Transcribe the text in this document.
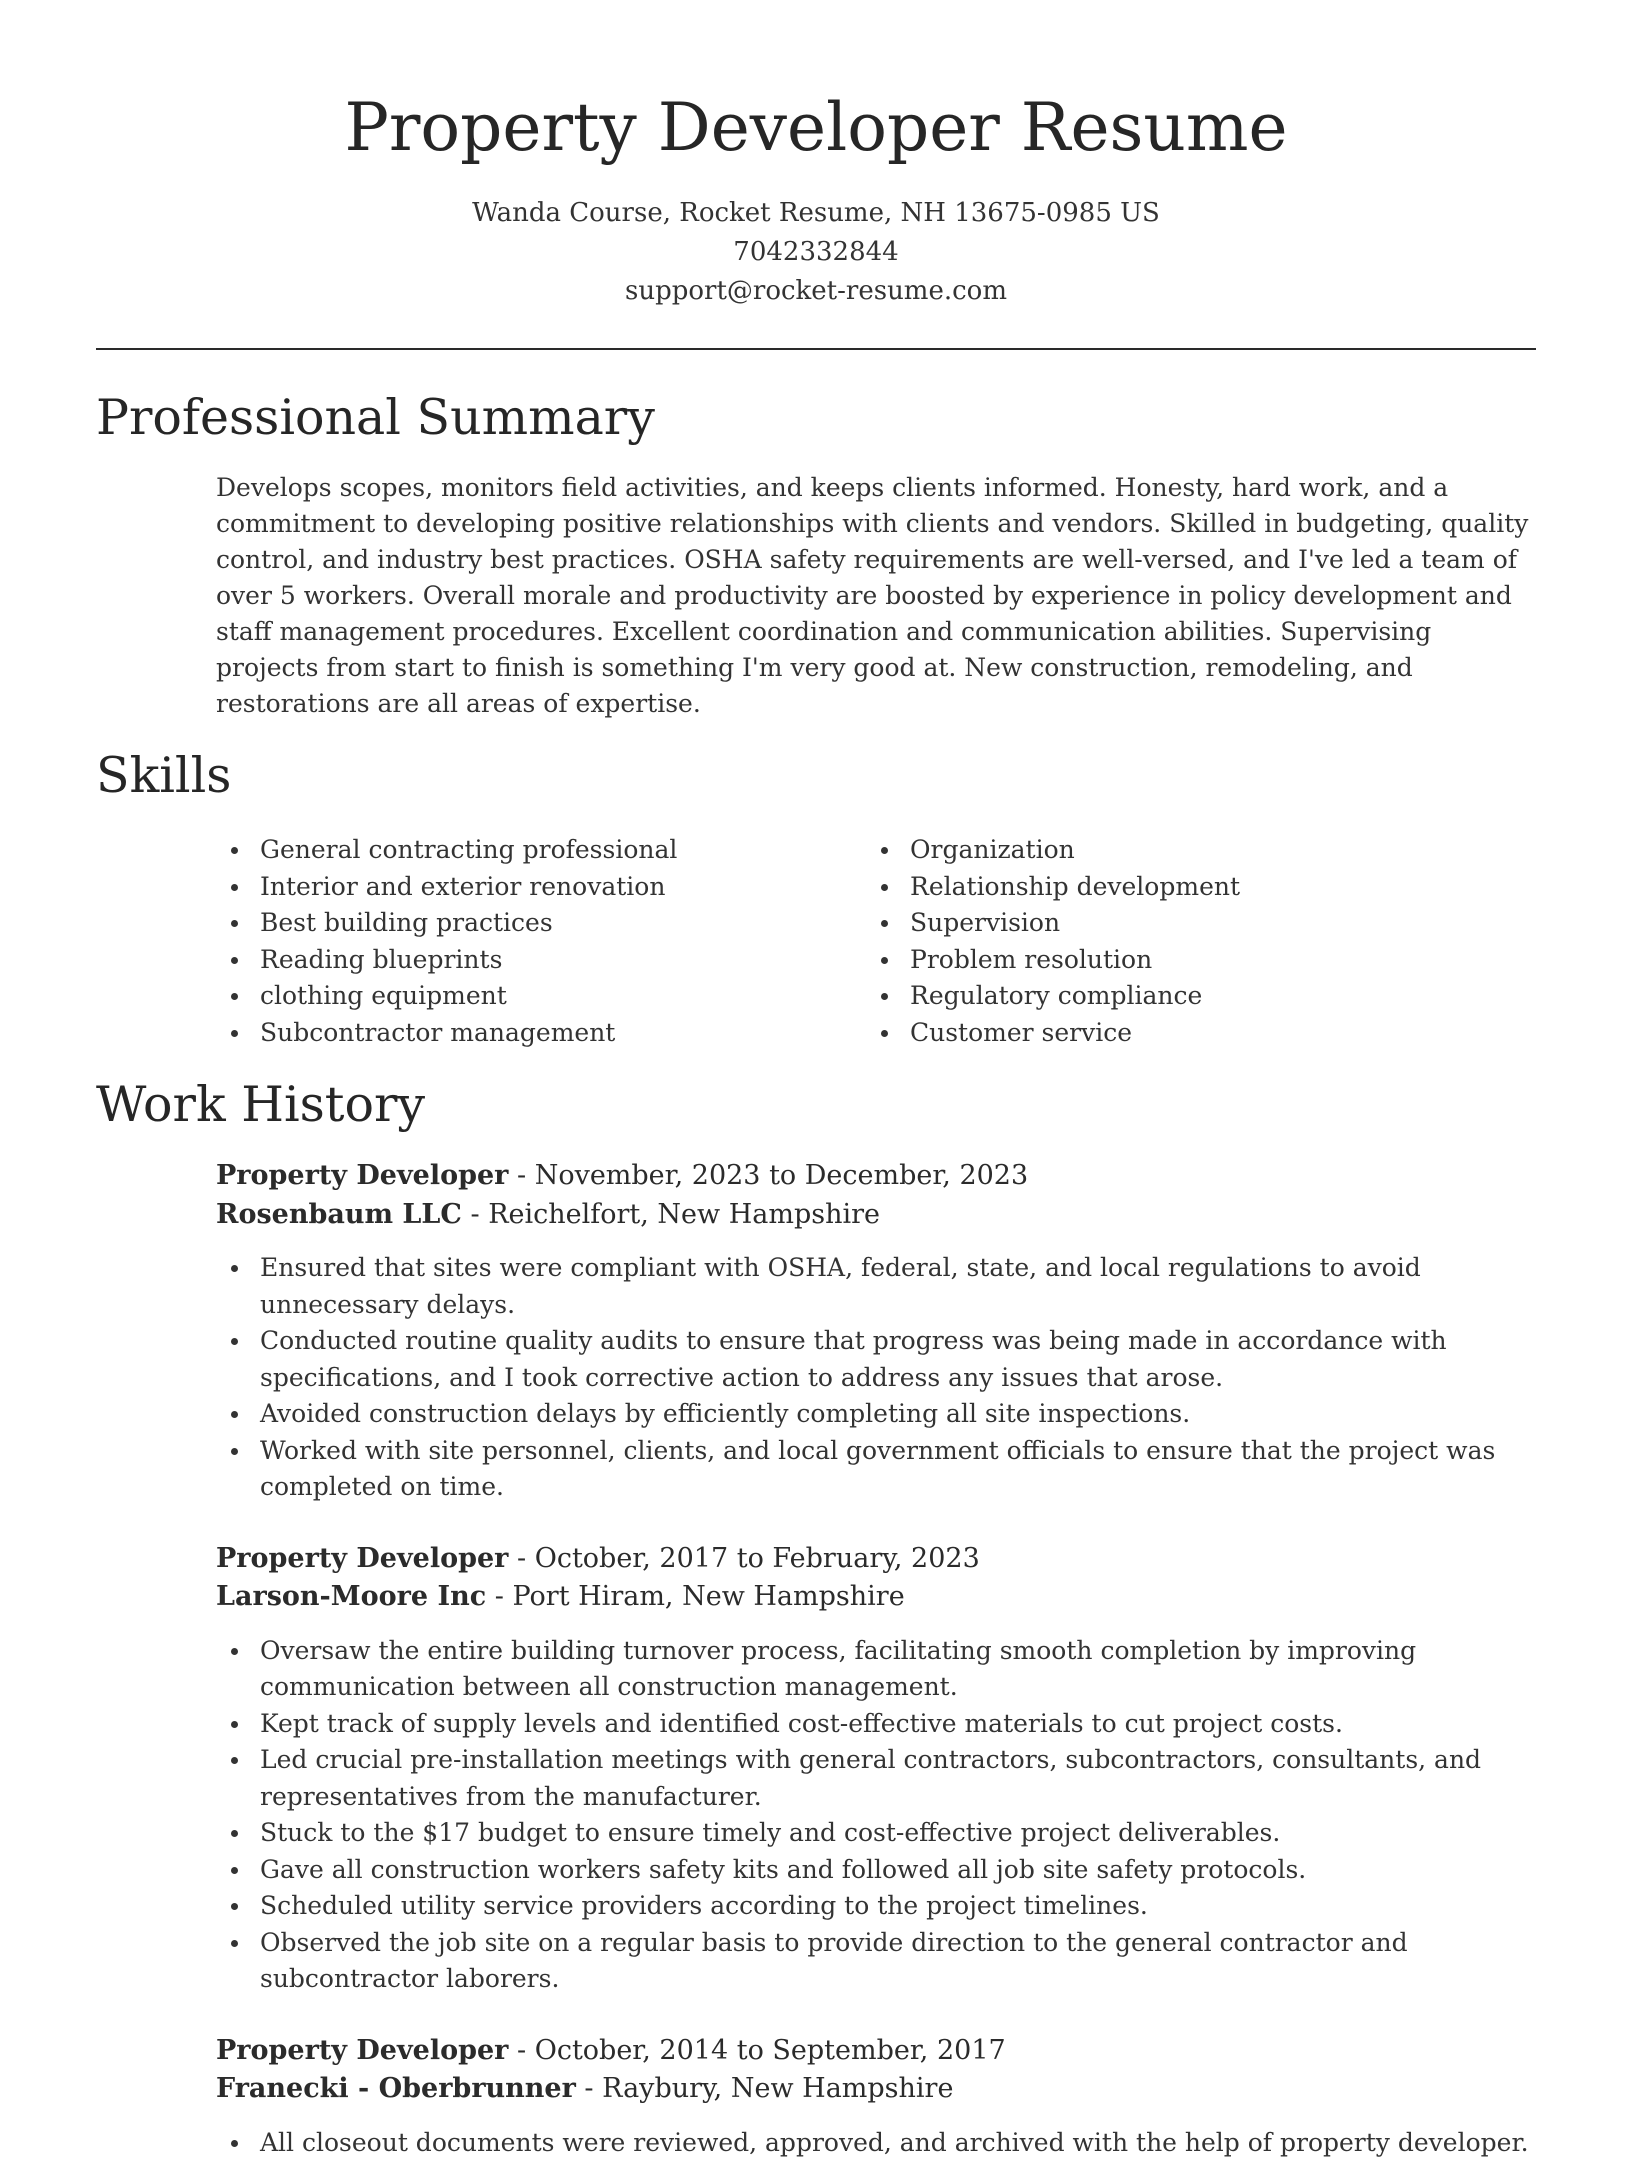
Property Developer Resume
Wanda Course, Rocket Resume, NH 13675-0985 US
7042332844
support@rocket-resume.com
Professional Summary

Develops scopes, monitors field activities, and keeps clients informed. Honesty, hard work, and a commitment to developing positive relationships with clients and vendors. Skilled in budgeting, quality control, and industry best practices. OSHA safety requirements are well-versed, and I've led a team of over 5 workers. Overall morale and productivity are boosted by experience in policy development and staff management procedures. Excellent coordination and communication abilities. Supervising projects from start to finish is something I'm very good at. New construction, remodeling, and restorations are all areas of expertise.

Skills
General contracting professional
Interior and exterior renovation
Best building practices
Reading blueprints
clothing equipment
Subcontractor management
Organization
Relationship development
Supervision
Problem resolution
Regulatory compliance
Customer service
Work History
Property Developer - November, 2023 to December, 2023
Rosenbaum LLC - Reichelfort, New Hampshire
Ensured that sites were compliant with OSHA, federal, state, and local regulations to avoid unnecessary delays.
Conducted routine quality audits to ensure that progress was being made in accordance with specifications, and I took corrective action to address any issues that arose.
Avoided construction delays by efficiently completing all site inspections.
Worked with site personnel, clients, and local government officials to ensure that the project was completed on time.
Property Developer - October, 2017 to February, 2023
Larson-Moore Inc - Port Hiram, New Hampshire
Oversaw the entire building turnover process, facilitating smooth completion by improving communication between all construction management.
Kept track of supply levels and identified cost-effective materials to cut project costs.
Led crucial pre-installation meetings with general contractors, subcontractors, consultants, and representatives from the manufacturer.
Stuck to the $17 budget to ensure timely and cost-effective project deliverables.
Gave all construction workers safety kits and followed all job site safety protocols.
Scheduled utility service providers according to the project timelines.
Observed the job site on a regular basis to provide direction to the general contractor and subcontractor laborers.
Property Developer - October, 2014 to September, 2017
Franecki - Oberbrunner - Raybury, New Hampshire
All closeout documents were reviewed, approved, and archived with the help of property developer.
